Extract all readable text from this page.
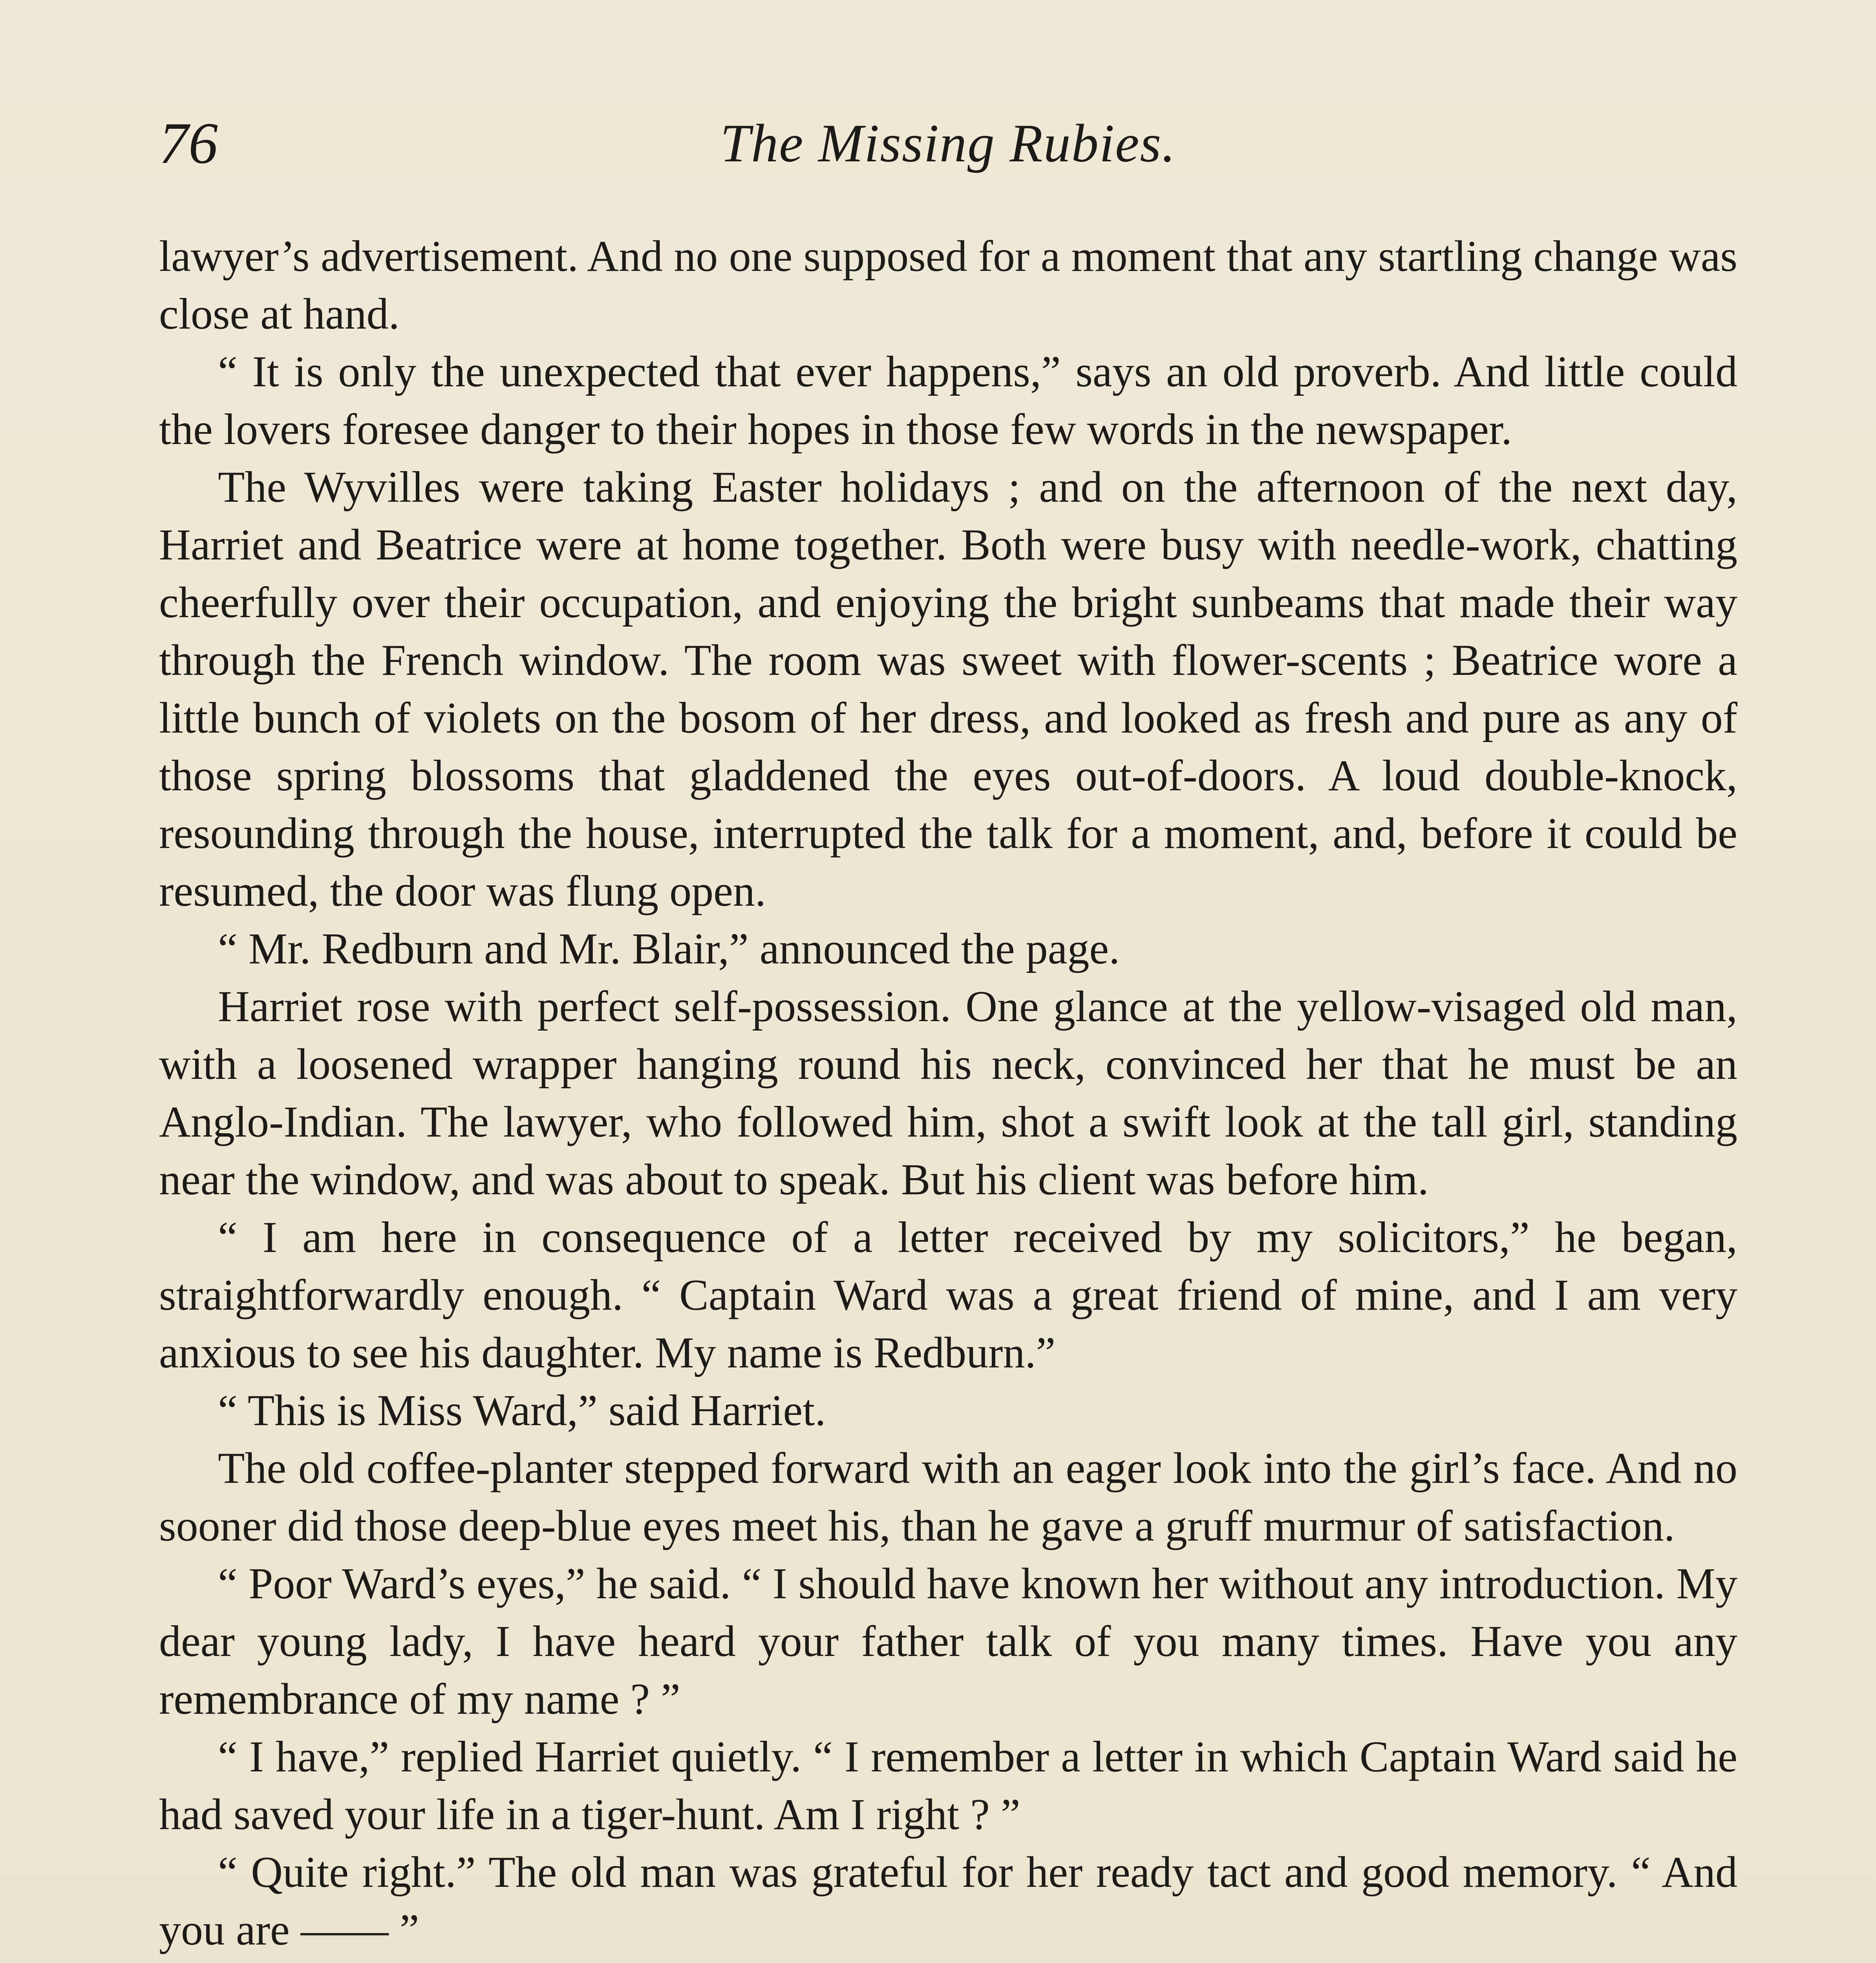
76	The Missing Rubies.

lawyer’s advertisement. And no one supposed for a moment that any startling change was close at hand.

“ It is only the unexpected that ever happens,” says an old proverb. And little could the lovers foresee danger to their hopes in those few words in the newspaper.

The Wyvilles were taking Easter holidays ; and on the afternoon of the next day, Harriet and Beatrice were at home together. Both were busy with needle-work, chatting cheerfully over their occupation, and enjoying the bright sunbeams that made their way through the French window. The room was sweet with flower-scents ; Beatrice wore a little bunch of violets on the bosom of her dress, and looked as fresh and pure as any of those spring blossoms that gladdened the eyes out-of-doors. A loud double-knock, resounding through the house, interrupted the talk for a moment, and, before it could be resumed, the door was flung open.

“ Mr. Redburn and Mr. Blair,” announced the page.

Harriet rose with perfect self-possession. One glance at the yellow-visaged old man, with a loosened wrapper hanging round his neck, convinced her that he must be an Anglo-Indian. The lawyer, who followed him, shot a swift look at the tall girl, standing near the window, and was about to speak. But his client was before him.

“ I am here in consequence of a letter received by my solicitors,” he began, straightforwardly enough. “ Captain Ward was a great friend of mine, and I am very anxious to see his daughter. My name is Redburn.”

“ This is Miss Ward,” said Harriet.

The old coffee-planter stepped forward with an eager look into the girl’s face. And no sooner did those deep-blue eyes meet his, than he gave a gruff murmur of satisfaction.

“ Poor Ward’s eyes,” he said. “ I should have known her without any introduction. My dear young lady, I have heard your father talk of you many times. Have you any remembrance of my name ? ”

“ I have,” replied Harriet quietly. “ I remember a letter in which Captain Ward said he had saved your life in a tiger-hunt. Am I right ? ”

“ Quite right.” The old man was grateful for her ready tact and good memory. “ And you are —— ”
